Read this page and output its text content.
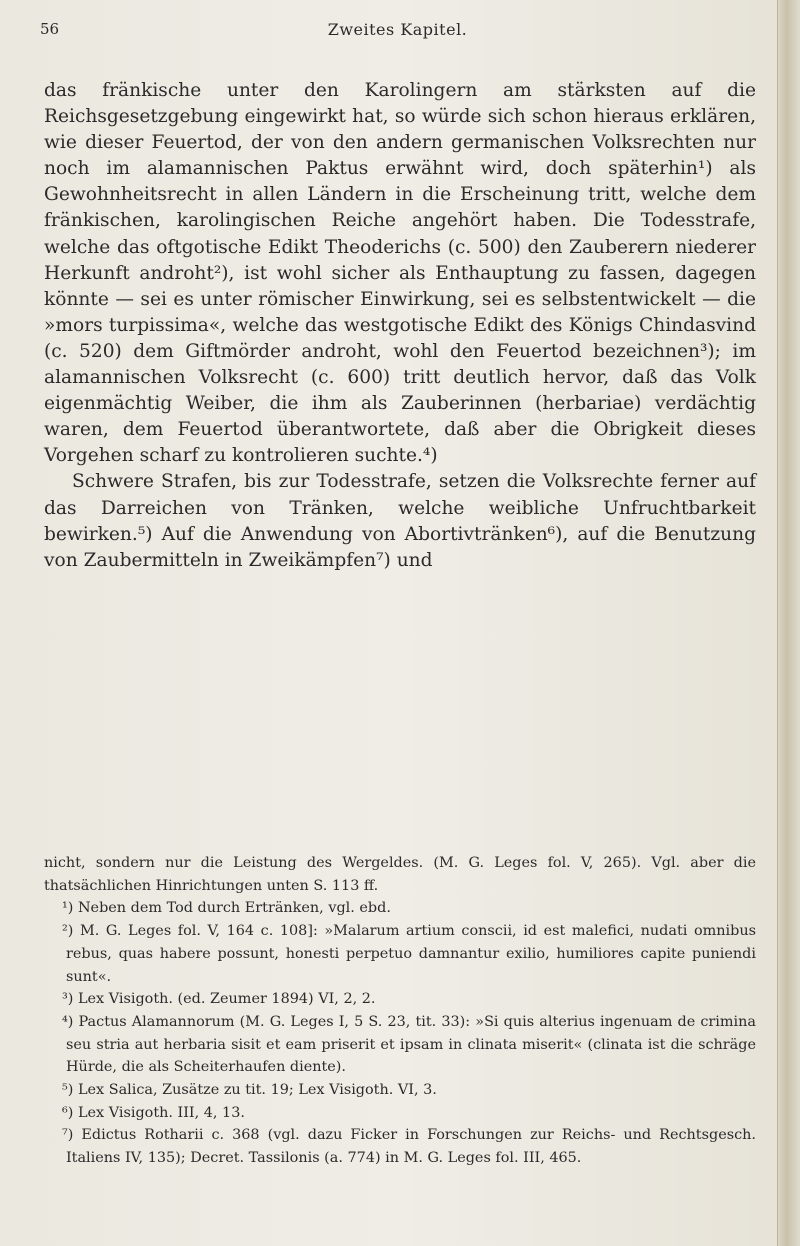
56	Zweites Kapitel.

das fränkische unter den Karolingern am stärksten auf die Reichsgesetzgebung eingewirkt hat, so würde sich schon hieraus erklären, wie dieser Feuertod, der von den andern germanischen Volksrechten nur noch im alamannischen Paktus erwähnt wird, doch späterhin¹) als Gewohnheitsrecht in allen Ländern in die Erscheinung tritt, welche dem fränkischen, karolingischen Reiche angehört haben. Die Todesstrafe, welche das oftgotische Edikt Theoderichs (c. 500) den Zauberern niederer Herkunft androht²), ist wohl sicher als Enthauptung zu fassen, dagegen könnte — sei es unter römischer Einwirkung, sei es selbstentwickelt — die »mors turpissima«, welche das westgotische Edikt des Königs Chindasvind (c. 520) dem Giftmörder androht, wohl den Feuertod bezeichnen³); im alamannischen Volksrecht (c. 600) tritt deutlich hervor, daß das Volk eigenmächtig Weiber, die ihm als Zauberinnen (herbariae) verdächtig waren, dem Feuertod überantwortete, daß aber die Obrigkeit dieses Vorgehen scharf zu kontrolieren suchte.⁴)

Schwere Strafen, bis zur Todesstrafe, setzen die Volksrechte ferner auf das Darreichen von Tränken, welche weibliche Unfruchtbarkeit bewirken.⁵) Auf die Anwendung von Abortivtränken⁶), auf die Benutzung von Zaubermitteln in Zweikämpfen⁷) und

nicht, sondern nur die Leistung des Wergeldes. (M. G. Leges fol. V, 265). Vgl. aber die thatsächlichen Hinrichtungen unten S. 113 ff.

¹) Neben dem Tod durch Ertränken, vgl. ebd.

²) M. G. Leges fol. V, 164 c. 108]: »Malarum artium conscii, id est malefici, nudati omnibus rebus, quas habere possunt, honesti perpetuo damnantur exilio, humiliores capite puniendi sunt«.

³) Lex Visigoth. (ed. Zeumer 1894) VI, 2, 2.

⁴) Pactus Alamannorum (M. G. Leges I, 5 S. 23, tit. 33): »Si quis alterius ingenuam de crimina seu stria aut herbaria sisit et eam priserit et ipsam in clinata miserit« (clinata ist die schräge Hürde, die als Scheiterhaufen diente).

⁵) Lex Salica, Zusätze zu tit. 19; Lex Visigoth. VI, 3.

⁶) Lex Visigoth. III, 4, 13.

⁷) Edictus Rotharii c. 368 (vgl. dazu Ficker in Forschungen zur Reichs- und Rechtsgesch. Italiens IV, 135); Decret. Tassilonis (a. 774) in M. G. Leges fol. III, 465.
